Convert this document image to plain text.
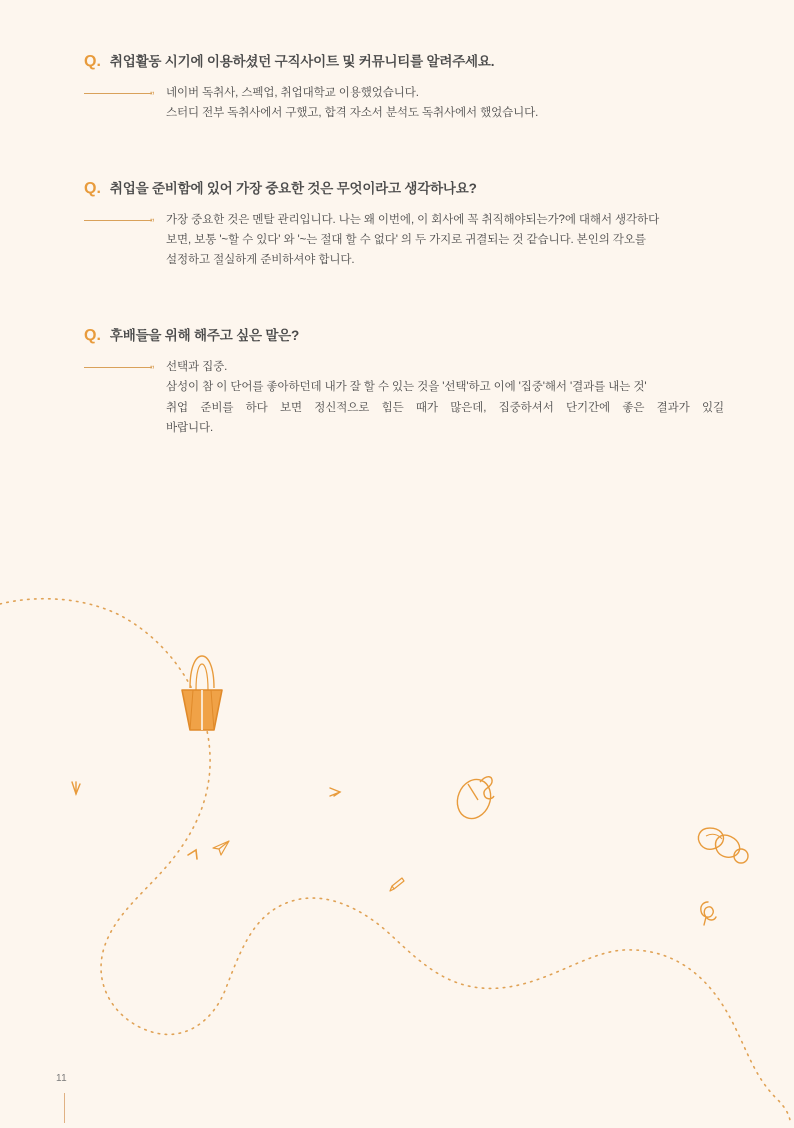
Q. 취업활동 시기에 이용하셨던 구직사이트 및 커뮤니티를 알려주세요.
„ 네이버 독취사, 스펙업, 취업대학교 이용했었습니다.
스터디 전부 독취사에서 구했고, 합격 자소서 분석도 독취사에서 했었습니다.
Q. 취업을 준비함에 있어 가장 중요한 것은 무엇이라고 생각하나요?
„ 가장 중요한 것은 멘탈 관리입니다. 나는 왜 이번에, 이 회사에 꼭 취직해야되는가?에 대해서 생각하다
보면, 보통 '~할 수 있다' 와 '~는 절대 할 수 없다' 의 두 가지로 귀결되는 것 같습니다. 본인의 각오를
설정하고 절실하게 준비하셔야 합니다.
Q. 후배들을 위해 해주고 싶은 말은?
„ 선택과 집중.
삼성이 참 이 단어를 좋아하던데 내가 잘 할 수 있는 것을 '선택'하고 이에 '집중'해서 '결과를 내는 것'
취업 준비를 하다 보면 정신적으로 힘든 때가 많은데, 집중하셔서 단기간에 좋은 결과가 있길
바랍니다.
11
